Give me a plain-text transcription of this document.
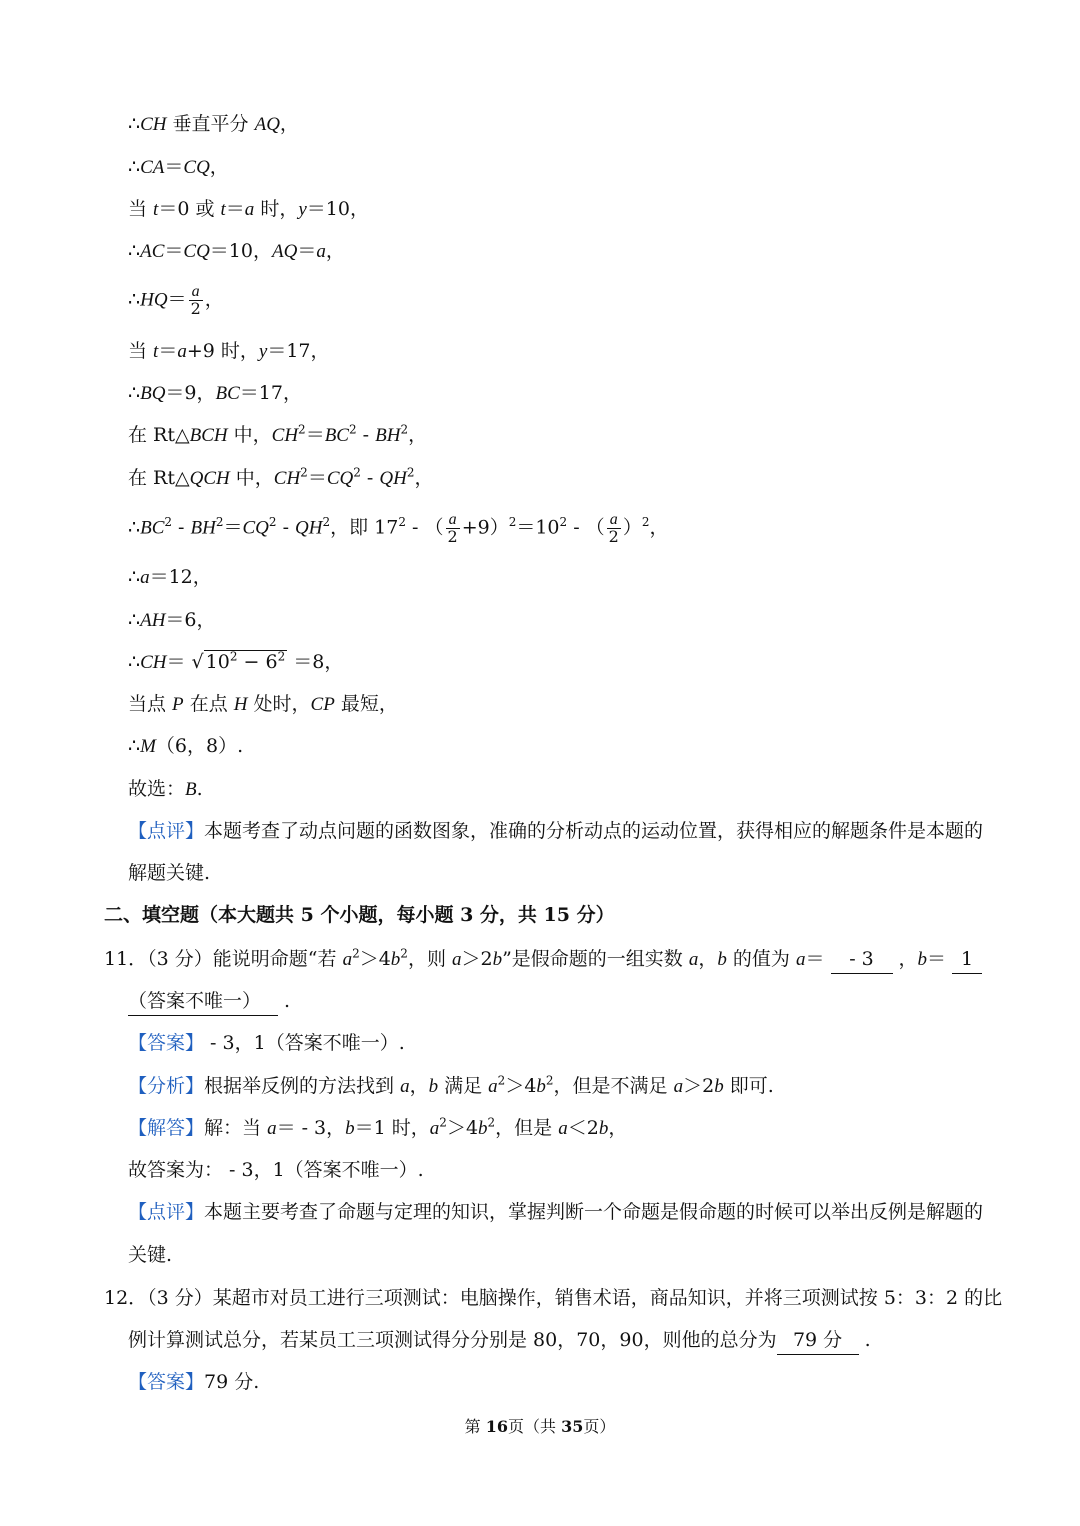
∴CH 垂直平分 AQ，
∴CA＝CQ，
当 t＝0 或 t＝a 时，y＝10，
∴AC＝CQ＝10，AQ＝a，
∴HQ＝ $\frac{a}{2}$ ，
当 t＝a+9 时，y＝17，
∴BQ＝9，BC＝17，
在 Rt△BCH 中，$CH^2=BC^2 - BH^2$，
在 Rt△QCH 中，$CH^2=CQ^2 - QH^2$，
$\therefore BC^2 - BH^2=CQ^2 - QH^2$，即 $17^2$ - （ $\frac{a}{2} +9)^2=10^2$ - （ $\frac{a}{2} )^2$，
∴a＝12，
∴AH＝6，
∴CH＝ √ $10^2 - 6^2 =8$，
当点 P 在点 H 处时，CP 最短，
∴M（6，8）.
故选：B.
【点评】本题考查了动点问题的函数图象，准确的分析动点的运动位置，获得相应的解题条件是本题的
解题关键.
二、填空题（本大题共 5 个小题，每小题 3 分，共 15 分）
11．（3 分）能说明命题“若 $a^2>4b^2$，则 a＞2b”是假命题的一组实数 a，b 的值为 a＝ - 3 ，b＝ 1
（答案不唯一） .
【答案】 - 3，1（答案不唯一）.
【分析】根据举反例的方法找到 a，b 满足 $a^2>4b^2$，但是不满足 a＞2b 即可.
【解答】解：当 a＝ - 3，b＝1 时，$a^2>4b^2$，但是 a＜2b，
故答案为： - 3，1（答案不唯一）.
【点评】本题主要考查了命题与定理的知识，掌握判断一个命题是假命题的时候可以举出反例是解题的
关键.
12．（3 分）某超市对员工进行三项测试：电脑操作，销售术语，商品知识，并将三项测试按 5：3：2 的比
例计算测试总分，若某员工三项测试得分分别是 80，70，90，则他的总分为79 分 .
【答案】79 分.
第 16页（共 35页）
